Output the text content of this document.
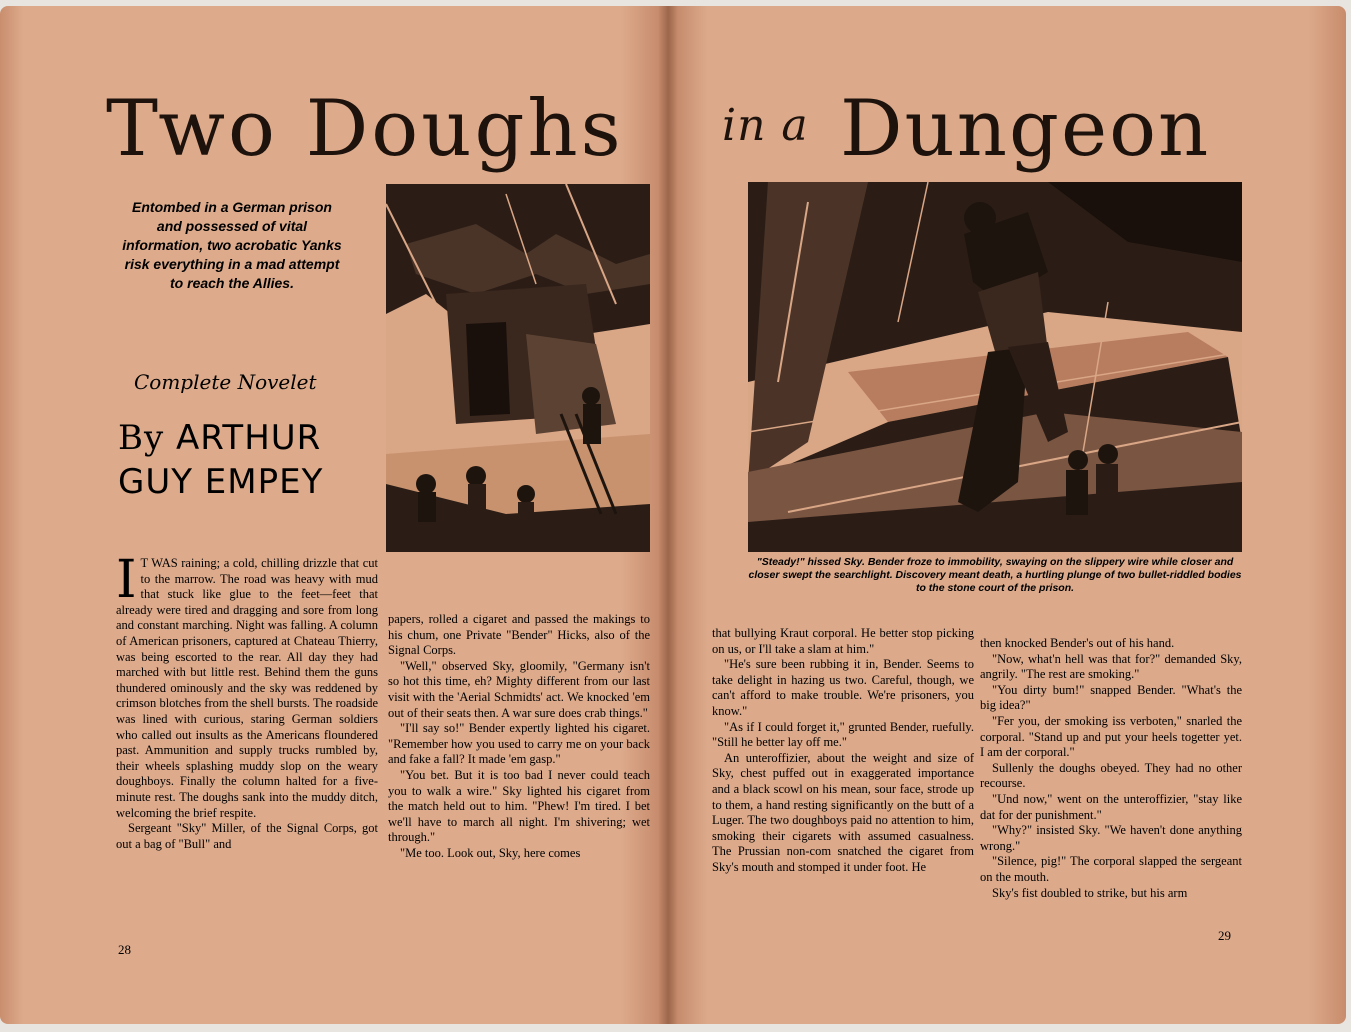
Two Doughs
Entombed in a German prison and possessed of vital information, two acrobatic Yanks risk everything in a mad attempt to reach the Allies.
Complete Novelet
By ARTHUR
GUY EMPEY

I T WAS raining; a cold, chilling drizzle that cut to the marrow. The road was heavy with mud that stuck like glue to the feet—feet that already were tired and dragging and sore from long and constant marching. Night was falling. A column of American prisoners, captured at Chateau Thierry, was being escorted to the rear. All day they had marched with but little rest. Behind them the guns thundered ominously and the sky was reddened by crimson blotches from the shell bursts. The roadside was lined with curious, staring German soldiers who called out insults as the Americans floundered past. Ammunition and supply trucks rumbled by, their wheels splashing muddy slop on the weary doughboys. Finally the column halted for a five-minute rest. The doughs sank into the muddy ditch, welcoming the brief respite.

Sergeant "Sky" Miller, of the Signal Corps, got out a bag of "Bull" and

papers, rolled a cigaret and passed the makings to his chum, one Private "Bender" Hicks, also of the Signal Corps.

"Well," observed Sky, gloomily, "Germany isn't so hot this time, eh? Mighty different from our last visit with the 'Aerial Schmidts' act. We knocked 'em out of their seats then. A war sure does crab things."

"I'll say so!" Bender expertly lighted his cigaret. "Remember how you used to carry me on your back and fake a fall? It made 'em gasp."

"You bet. But it is too bad I never could teach you to walk a wire." Sky lighted his cigaret from the match held out to him. "Phew! I'm tired. I bet we'll have to march all night. I'm shivering; wet through."

"Me too. Look out, Sky, here comes

28
in a Dungeon
"Steady!" hissed Sky. Bender froze to immobility, swaying on the slippery wire while closer and closer swept the searchlight. Discovery meant death, a hurtling plunge of two bullet-riddled bodies to the stone court of the prison.

that bullying Kraut corporal. He better stop picking on us, or I'll take a slam at him."

"He's sure been rubbing it in, Bender. Seems to take delight in hazing us two. Careful, though, we can't afford to make trouble. We're prisoners, you know."

"As if I could forget it," grunted Bender, ruefully. "Still he better lay off me."

An unteroffizier, about the weight and size of Sky, chest puffed out in exaggerated importance and a black scowl on his mean, sour face, strode up to them, a hand resting significantly on the butt of a Luger. The two doughboys paid no attention to him, smoking their cigarets with assumed casualness. The Prussian non-com snatched the cigaret from Sky's mouth and stomped it under foot. He

then knocked Bender's out of his hand.

"Now, what'n hell was that for?" demanded Sky, angrily. "The rest are smoking."

"You dirty bum!" snapped Bender. "What's the big idea?"

"Fer you, der smoking iss verboten," snarled the corporal. "Stand up and put your heels togetter yet. I am der corporal."

Sullenly the doughs obeyed. They had no other recourse.

"Und now," went on the unteroffizier, "stay like dat for der punishment."

"Why?" insisted Sky. "We haven't done anything wrong."

"Silence, pig!" The corporal slapped the sergeant on the mouth.

Sky's fist doubled to strike, but his arm

29
